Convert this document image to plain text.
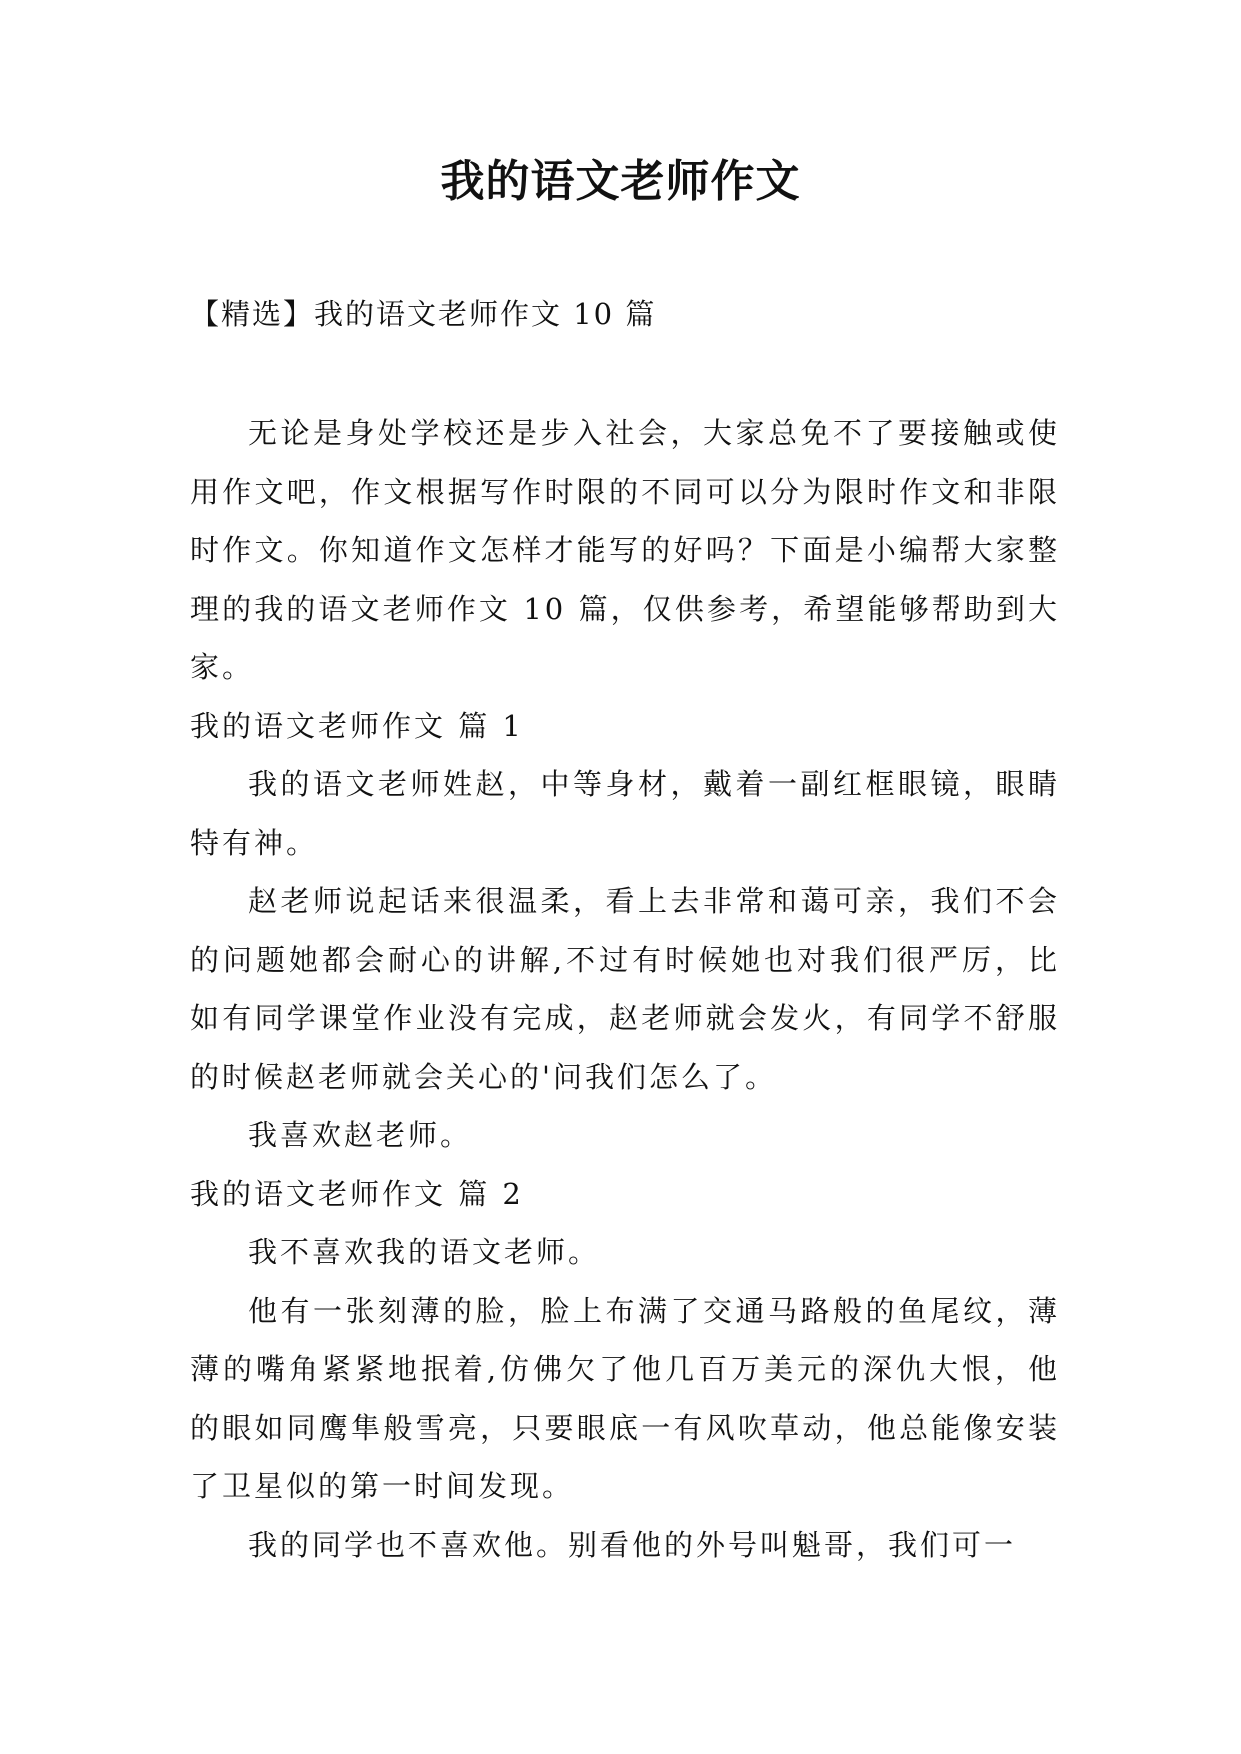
我的语文老师作文
【精选】我的语文老师作文 10 篇

无论是身处学校还是步入社会，大家总免不了要接触或使用作文吧，作文根据写作时限的不同可以分为限时作文和非限时作文。你知道作文怎样才能写的好吗？下面是小编帮大家整理的我的语文老师作文 10 篇，仅供参考，希望能够帮助到大家。

我的语文老师作文 篇 1

我的语文老师姓赵，中等身材，戴着一副红框眼镜，眼睛特有神。

赵老师说起话来很温柔，看上去非常和蔼可亲，我们不会的问题她都会耐心的讲解,不过有时候她也对我们很严厉，比如有同学课堂作业没有完成，赵老师就会发火，有同学不舒服的时候赵老师就会关心的'问我们怎么了。

我喜欢赵老师。

我的语文老师作文 篇 2

我不喜欢我的语文老师。

他有一张刻薄的脸，脸上布满了交通马路般的鱼尾纹，薄薄的嘴角紧紧地抿着,仿佛欠了他几百万美元的深仇大恨，他的眼如同鹰隼般雪亮，只要眼底一有风吹草动，他总能像安装了卫星似的第一时间发现。

我的同学也不喜欢他。别看他的外号叫魁哥，我们可一
